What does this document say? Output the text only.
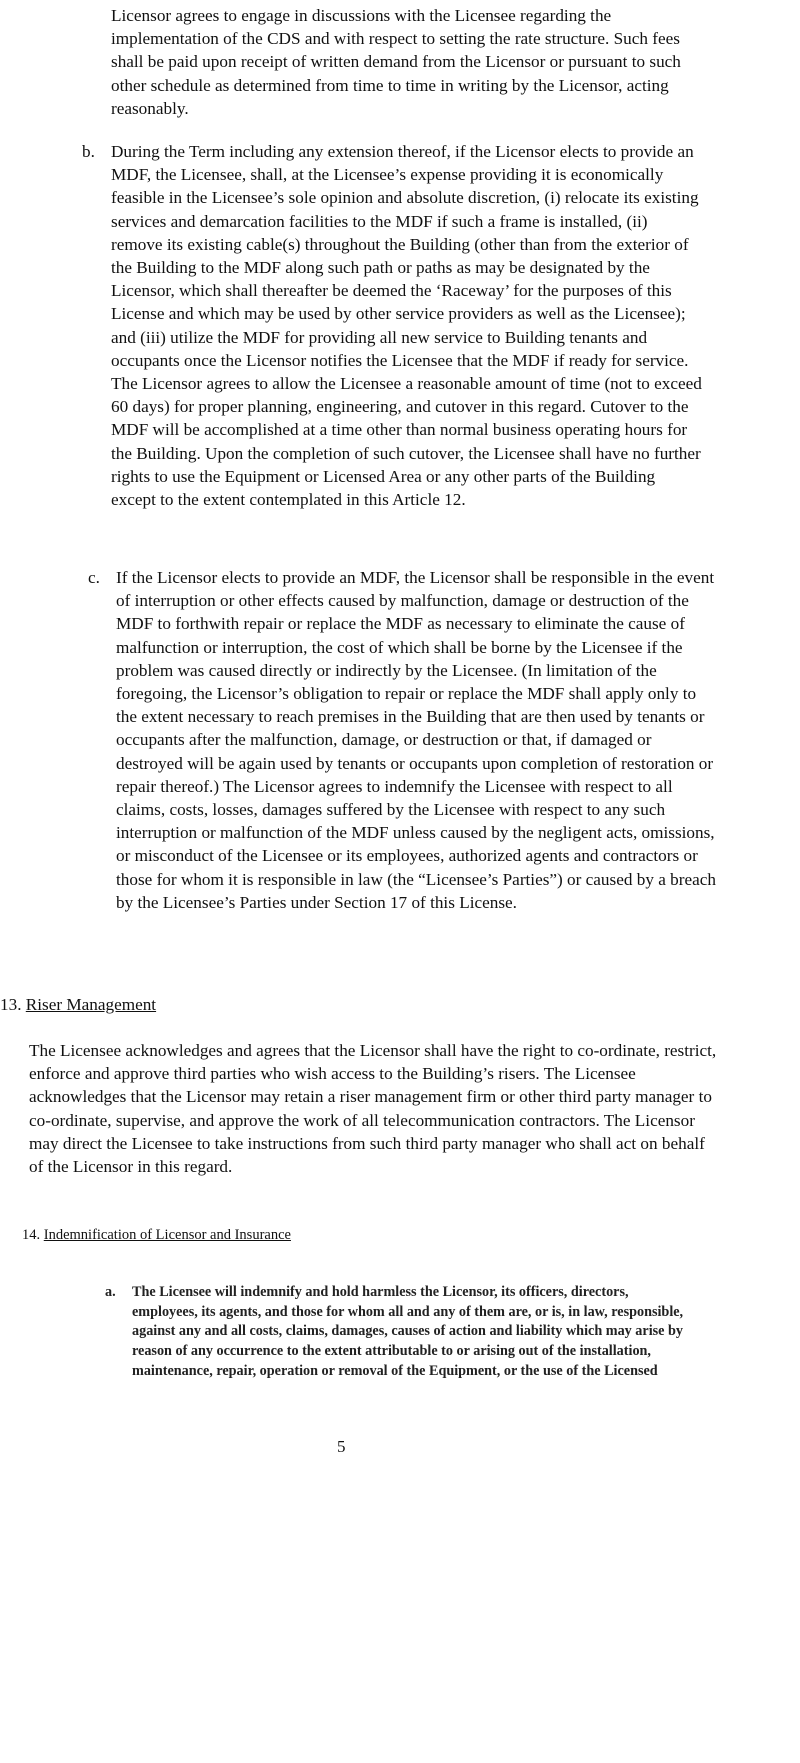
Licensor agrees to engage in discussions with the Licensee regarding the implementation of the CDS and with respect to setting the rate structure. Such fees shall be paid upon receipt of written demand from the Licensor or pursuant to such other schedule as determined from time to time in writing by the Licensor, acting reasonably.

b. During the Term including any extension thereof, if the Licensor elects to provide an MDF, the Licensee, shall, at the Licensee’s expense providing it is economically feasible in the Licensee’s sole opinion and absolute discretion, (i) relocate its existing services and demarcation facilities to the MDF if such a frame is installed, (ii) remove its existing cable(s) throughout the Building (other than from the exterior of the Building to the MDF along such path or paths as may be designated by the Licensor, which shall thereafter be deemed the ‘Raceway’ for the purposes of this License and which may be used by other service providers as well as the Licensee); and (iii) utilize the MDF for providing all new service to Building tenants and occupants once the Licensor notifies the Licensee that the MDF if ready for service. The Licensor agrees to allow the Licensee a reasonable amount of time (not to exceed 60 days) for proper planning, engineering, and cutover in this regard. Cutover to the MDF will be accomplished at a time other than normal business operating hours for the Building. Upon the completion of such cutover, the Licensee shall have no further rights to use the Equipment or Licensed Area or any other parts of the Building except to the extent contemplated in this Article 12.

c. If the Licensor elects to provide an MDF, the Licensor shall be responsible in the event of interruption or other effects caused by malfunction, damage or destruction of the MDF to forthwith repair or replace the MDF as necessary to eliminate the cause of malfunction or interruption, the cost of which shall be borne by the Licensee if the problem was caused directly or indirectly by the Licensee. (In limitation of the foregoing, the Licensor’s obligation to repair or replace the MDF shall apply only to the extent necessary to reach premises in the Building that are then used by tenants or occupants after the malfunction, damage, or destruction or that, if damaged or destroyed will be again used by tenants or occupants upon completion of restoration or repair thereof.) The Licensor agrees to indemnify the Licensee with respect to all claims, costs, losses, damages suffered by the Licensee with respect to any such interruption or malfunction of the MDF unless caused by the negligent acts, omissions, or misconduct of the Licensee or its employees, authorized agents and contractors or those for whom it is responsible in law (the “Licensee’s Parties”) or caused by a breach by the Licensee’s Parties under Section 17 of this License.

13. Riser Management

The Licensee acknowledges and agrees that the Licensor shall have the right to co-ordinate, restrict, enforce and approve third parties who wish access to the Building’s risers. The Licensee acknowledges that the Licensor may retain a riser management firm or other third party manager to co-ordinate, supervise, and approve the work of all telecommunication contractors. The Licensor may direct the Licensee to take instructions from such third party manager who shall act on behalf of the Licensor in this regard.

14. Indemnification of Licensor and Insurance
a. The Licensee will indemnify and hold harmless the Licensor, its officers, directors, employees, its agents, and those for whom all and any of them are, or is, in law, responsible, against any and all costs, claims, damages, causes of action and liability which may arise by reason of any occurrence to the extent attributable to or arising out of the installation, maintenance, repair, operation or removal of the Equipment, or the use of the Licensed

5
